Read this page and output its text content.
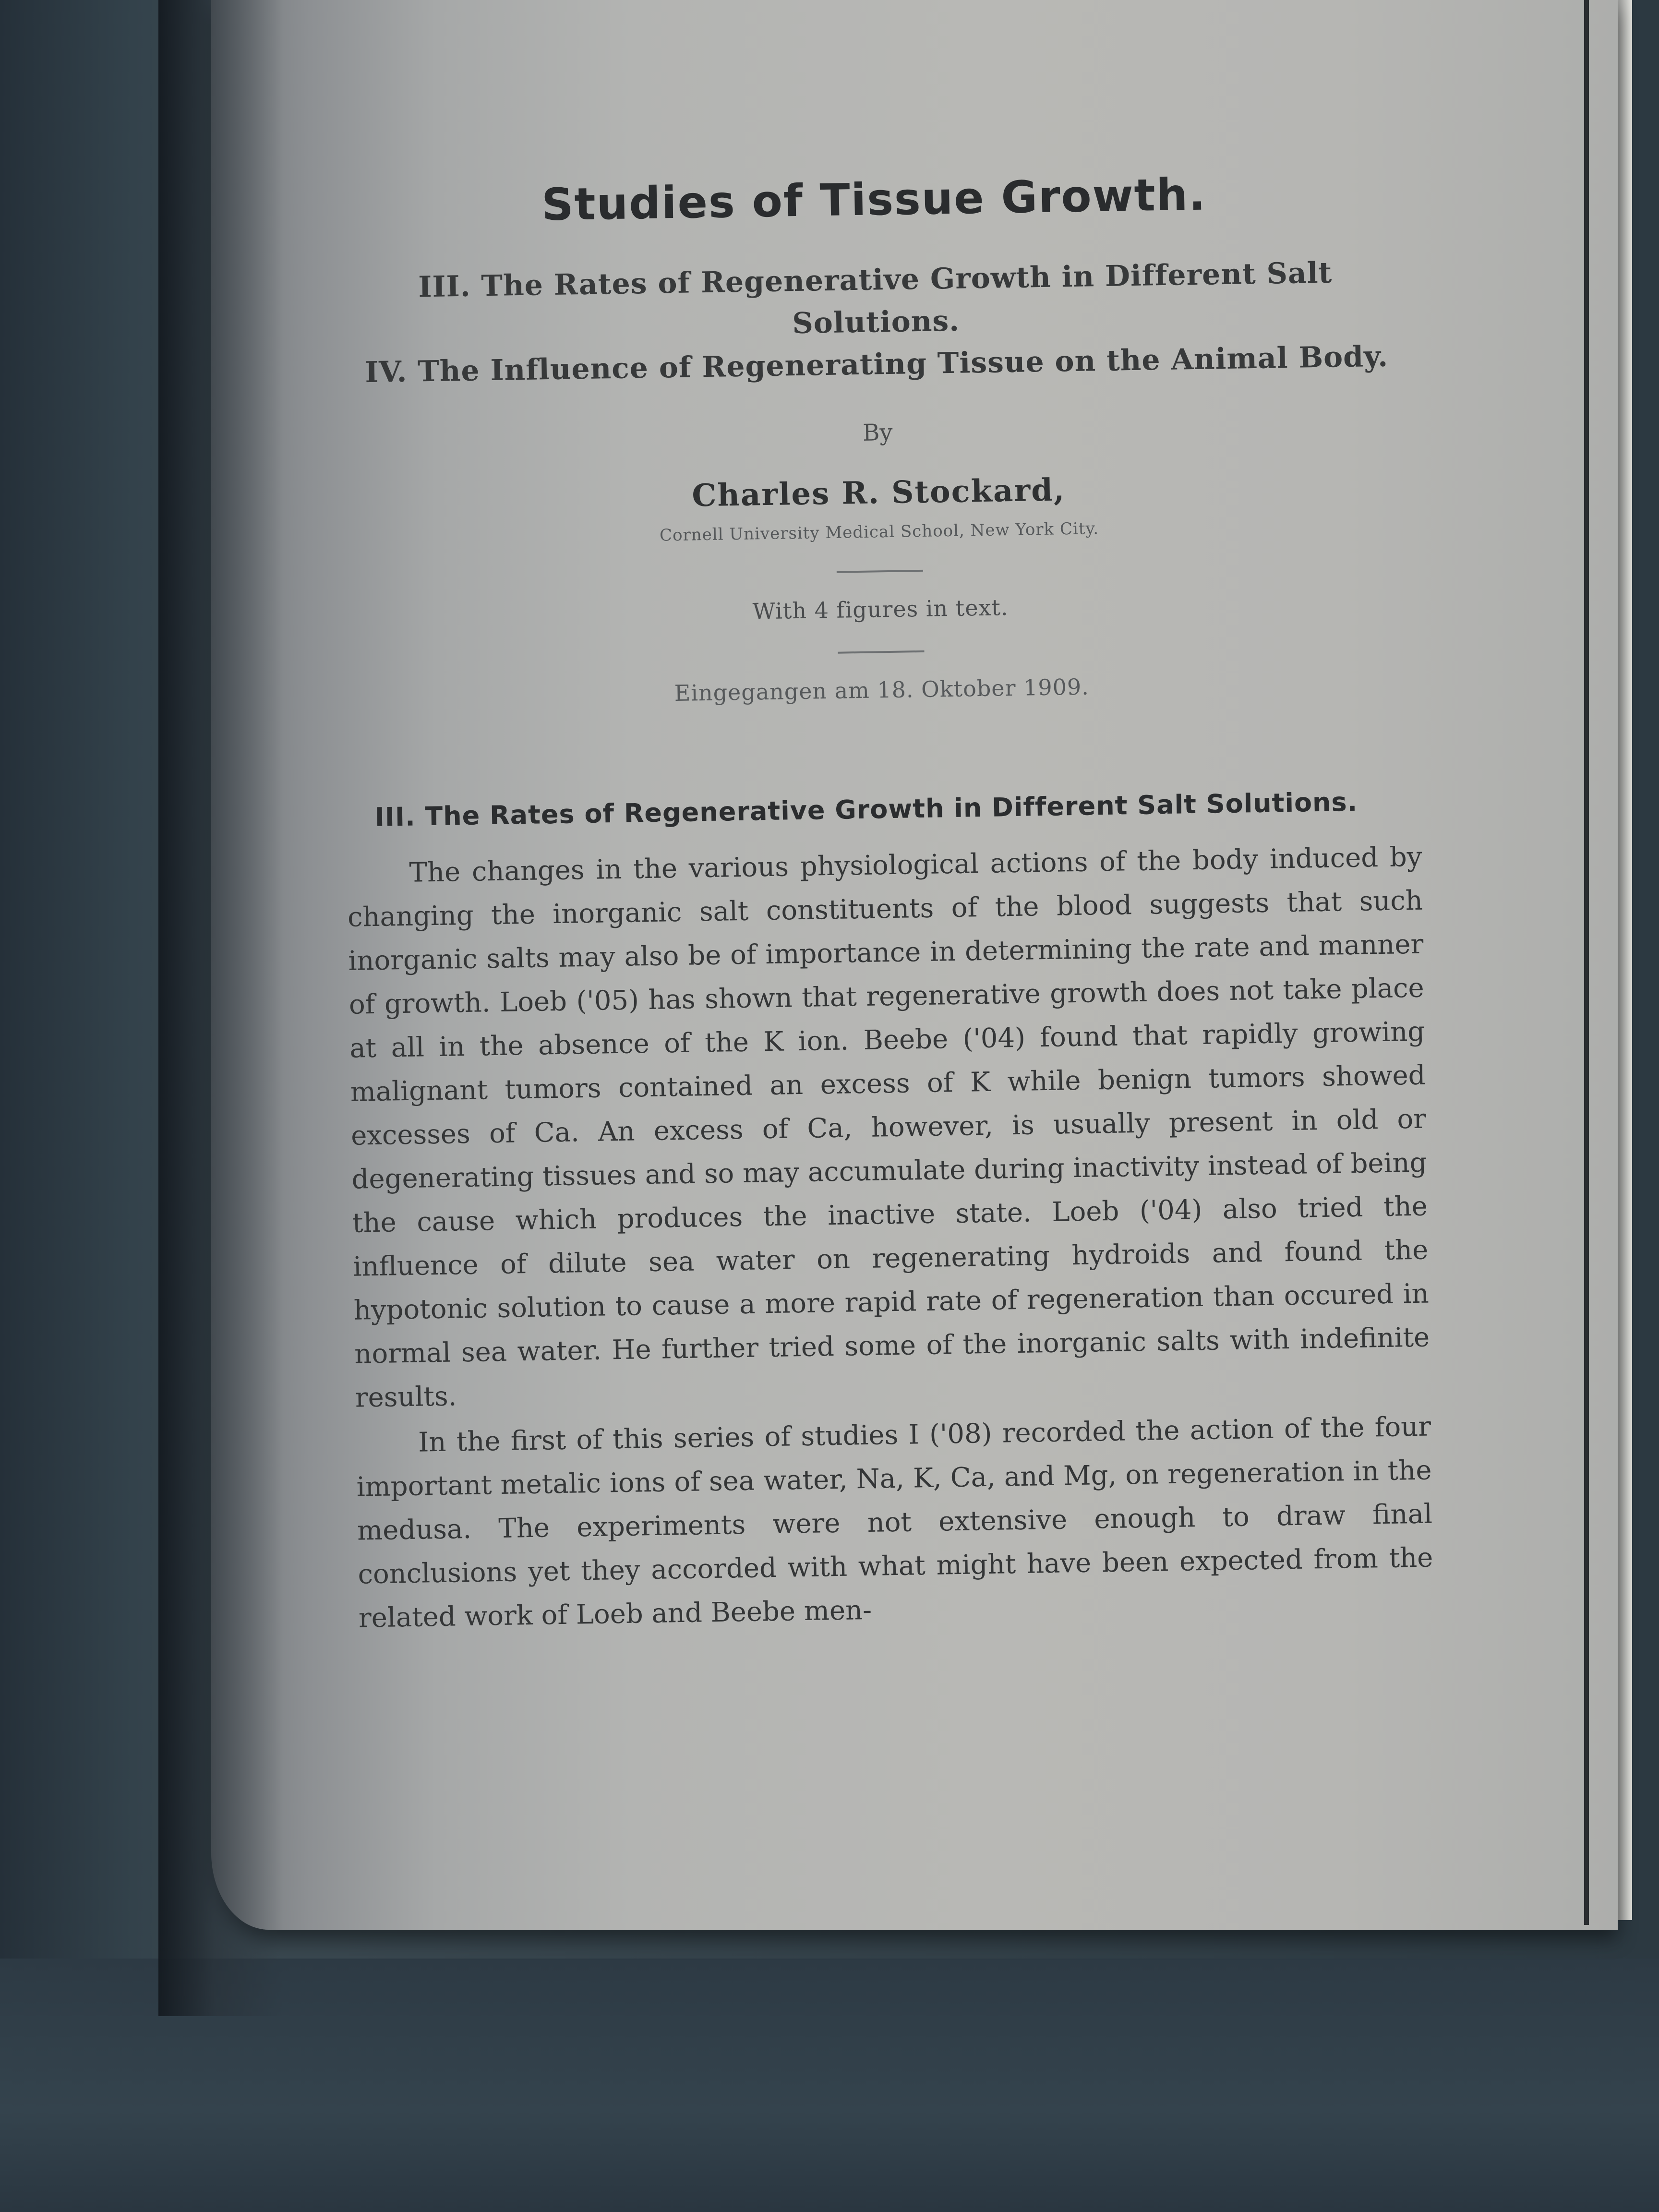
Studies of Tissue Growth.

III. The Rates of Regenerative Growth in Different Salt Solutions.

IV. The Influence of Regenerating Tissue on the Animal Body.

By

Charles R. Stockard,

Cornell University Medical School, New York City.

With 4 figures in text.

Eingegangen am 18. Oktober 1909.

III. The Rates of Regenerative Growth in Different Salt Solutions.

The changes in the various physiological actions of the body induced by changing the inorganic salt constituents of the blood suggests that such inorganic salts may also be of importance in determining the rate and manner of growth. Loeb ('05) has shown that regenerative growth does not take place at all in the absence of the K ion. Beebe ('04) found that rapidly growing malignant tumors contained an excess of K while benign tumors showed excesses of Ca. An excess of Ca, however, is usually present in old or degenerating tissues and so may accumulate during inactivity instead of being the cause which produces the inactive state. Loeb ('04) also tried the influence of dilute sea water on regenerating hydroids and found the hypotonic solution to cause a more rapid rate of regeneration than occured in normal sea water. He further tried some of the inorganic salts with indefinite results.

In the first of this series of studies I ('08) recorded the action of the four important metalic ions of sea water, Na, K, Ca, and Mg, on regeneration in the medusa. The experiments were not extensive enough to draw final conclusions yet they accorded with what might have been expected from the related work of Loeb and Beebe men-
